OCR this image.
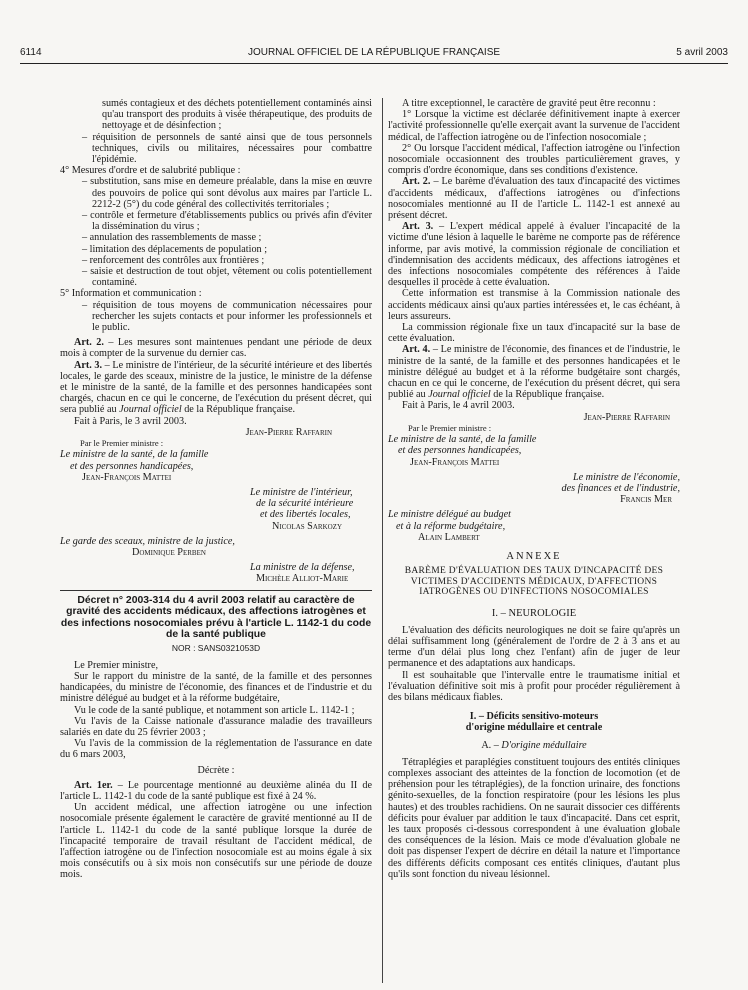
6114	JOURNAL OFFICIEL DE LA RÉPUBLIQUE FRANÇAISE	5 avril 2003

sumés contagieux et des déchets potentiellement contaminés ainsi qu'au transport des produits à visée thérapeutique, des produits de nettoyage et de désinfection ;

– réquisition de personnels de santé ainsi que de tous personnels techniques, civils ou militaires, nécessaires pour combattre l'épidémie.

4° Mesures d'ordre et de salubrité publique :

– substitution, sans mise en demeure préalable, dans la mise en œuvre des pouvoirs de police qui sont dévolus aux maires par l'article L. 2212-2 (5°) du code général des collectivités territoriales ;

– contrôle et fermeture d'établissements publics ou privés afin d'éviter la dissémination du virus ;

– annulation des rassemblements de masse ;

– limitation des déplacements de population ;

– renforcement des contrôles aux frontières ;

– saisie et destruction de tout objet, vêtement ou colis potentiellement contaminé.

5° Information et communication :

– réquisition de tous moyens de communication nécessaires pour rechercher les sujets contacts et pour informer les professionnels et le public.

Art. 2. – Les mesures sont maintenues pendant une période de deux mois à compter de la survenue du dernier cas.

Art. 3. – Le ministre de l'intérieur, de la sécurité intérieure et des libertés locales, le garde des sceaux, ministre de la justice, le ministre de la défense et le ministre de la santé, de la famille et des personnes handicapées sont chargés, chacun en ce qui le concerne, de l'exécution du présent décret, qui sera publié au Journal officiel de la République française.

Fait à Paris, le 3 avril 2003.

Jean-Pierre Raffarin

Par le Premier ministre :

Le ministre de la santé, de la famille

et des personnes handicapées,

Jean-François Mattei

Le ministre de l'intérieur,

de la sécurité intérieure

et des libertés locales,

Nicolas Sarkozy

Le garde des sceaux, ministre de la justice,

Dominique Perben

La ministre de la défense,

Michèle Alliot-Marie

Décret n° 2003-314 du 4 avril 2003 relatif au caractère de gravité des accidents médicaux, des affections iatrogènes et des infections nosocomiales prévu à l'article L. 1142-1 du code de la santé publique
NOR : SANS0321053D

Le Premier ministre,

Sur le rapport du ministre de la santé, de la famille et des personnes handicapées, du ministre de l'économie, des finances et de l'industrie et du ministre délégué au budget et à la réforme budgétaire,

Vu le code de la santé publique, et notamment son article L. 1142-1 ;

Vu l'avis de la Caisse nationale d'assurance maladie des travailleurs salariés en date du 25 février 2003 ;

Vu l'avis de la commission de la réglementation de l'assurance en date du 6 mars 2003,

Décrète :

Art. 1er. – Le pourcentage mentionné au deuxième alinéa du II de l'article L. 1142-1 du code de la santé publique est fixé à 24 %.

Un accident médical, une affection iatrogène ou une infection nosocomiale présente également le caractère de gravité mentionné au II de l'article L. 1142-1 du code de la santé publique lorsque la durée de l'incapacité temporaire de travail résultant de l'accident médical, de l'affection iatrogène ou de l'infection nosocomiale est au moins égale à six mois consécutifs ou à six mois non consécutifs sur une période de douze mois.

A titre exceptionnel, le caractère de gravité peut être reconnu :

1° Lorsque la victime est déclarée définitivement inapte à exercer l'activité professionnelle qu'elle exerçait avant la survenue de l'accident médical, de l'affection iatrogène ou de l'infection nosocomiale ;

2° Ou lorsque l'accident médical, l'affection iatrogène ou l'infection nosocomiale occasionnent des troubles particulièrement graves, y compris d'ordre économique, dans ses conditions d'existence.

Art. 2. – Le barème d'évaluation des taux d'incapacité des victimes d'accidents médicaux, d'affections iatrogènes ou d'infections nosocomiales mentionné au II de l'article L. 1142-1 est annexé au présent décret.

Art. 3. – L'expert médical appelé à évaluer l'incapacité de la victime d'une lésion à laquelle le barème ne comporte pas de référence informe, par avis motivé, la commission régionale de conciliation et d'indemnisation des accidents médicaux, des affections iatrogènes et des infections nosocomiales compétente des références à l'aide desquelles il procède à cette évaluation.

Cette information est transmise à la Commission nationale des accidents médicaux ainsi qu'aux parties intéressées et, le cas échéant, à leurs assureurs.

La commission régionale fixe un taux d'incapacité sur la base de cette évaluation.

Art. 4. – Le ministre de l'économie, des finances et de l'industrie, le ministre de la santé, de la famille et des personnes handicapées et le ministre délégué au budget et à la réforme budgétaire sont chargés, chacun en ce qui le concerne, de l'exécution du présent décret, qui sera publié au Journal officiel de la République française.

Fait à Paris, le 4 avril 2003.

Jean-Pierre Raffarin

Par le Premier ministre :

Le ministre de la santé, de la famille

et des personnes handicapées,

Jean-François Mattei

Le ministre de l'économie,

des finances et de l'industrie,

Francis Mer

Le ministre délégué au budget

et à la réforme budgétaire,

Alain Lambert

ANNEXE
BARÈME D'ÉVALUATION DES TAUX D'INCAPACITÉ DES VICTIMES D'ACCIDENTS MÉDICAUX, D'AFFECTIONS IATROGÈNES OU D'INFECTIONS NOSOCOMIALES
I. – NEUROLOGIE

L'évaluation des déficits neurologiques ne doit se faire qu'après un délai suffisamment long (généralement de l'ordre de 2 à 3 ans et au terme d'un délai plus long chez l'enfant) afin de juger de leur permanence et des adaptations aux handicaps.

Il est souhaitable que l'intervalle entre le traumatisme initial et l'évaluation définitive soit mis à profit pour procéder régulièrement à des bilans médicaux fiables.

I. – Déficits sensitivo-moteurs
d'origine médullaire et centrale
A. – D'origine médullaire

Tétraplégies et paraplégies constituent toujours des entités cliniques complexes associant des atteintes de la fonction de locomotion (et de préhension pour les tétraplégies), de la fonction urinaire, des fonctions génito-sexuelles, de la fonction respiratoire (pour les lésions les plus hautes) et des troubles rachidiens. On ne saurait dissocier ces différents déficits pour évaluer par addition le taux d'incapacité. Dans cet esprit, les taux proposés ci-dessous correspondent à une évaluation globale des conséquences de la lésion. Mais ce mode d'évaluation globale ne doit pas dispenser l'expert de décrire en détail la nature et l'importance des différents déficits composant ces entités cliniques, d'autant plus qu'ils sont fonction du niveau lésionnel.
